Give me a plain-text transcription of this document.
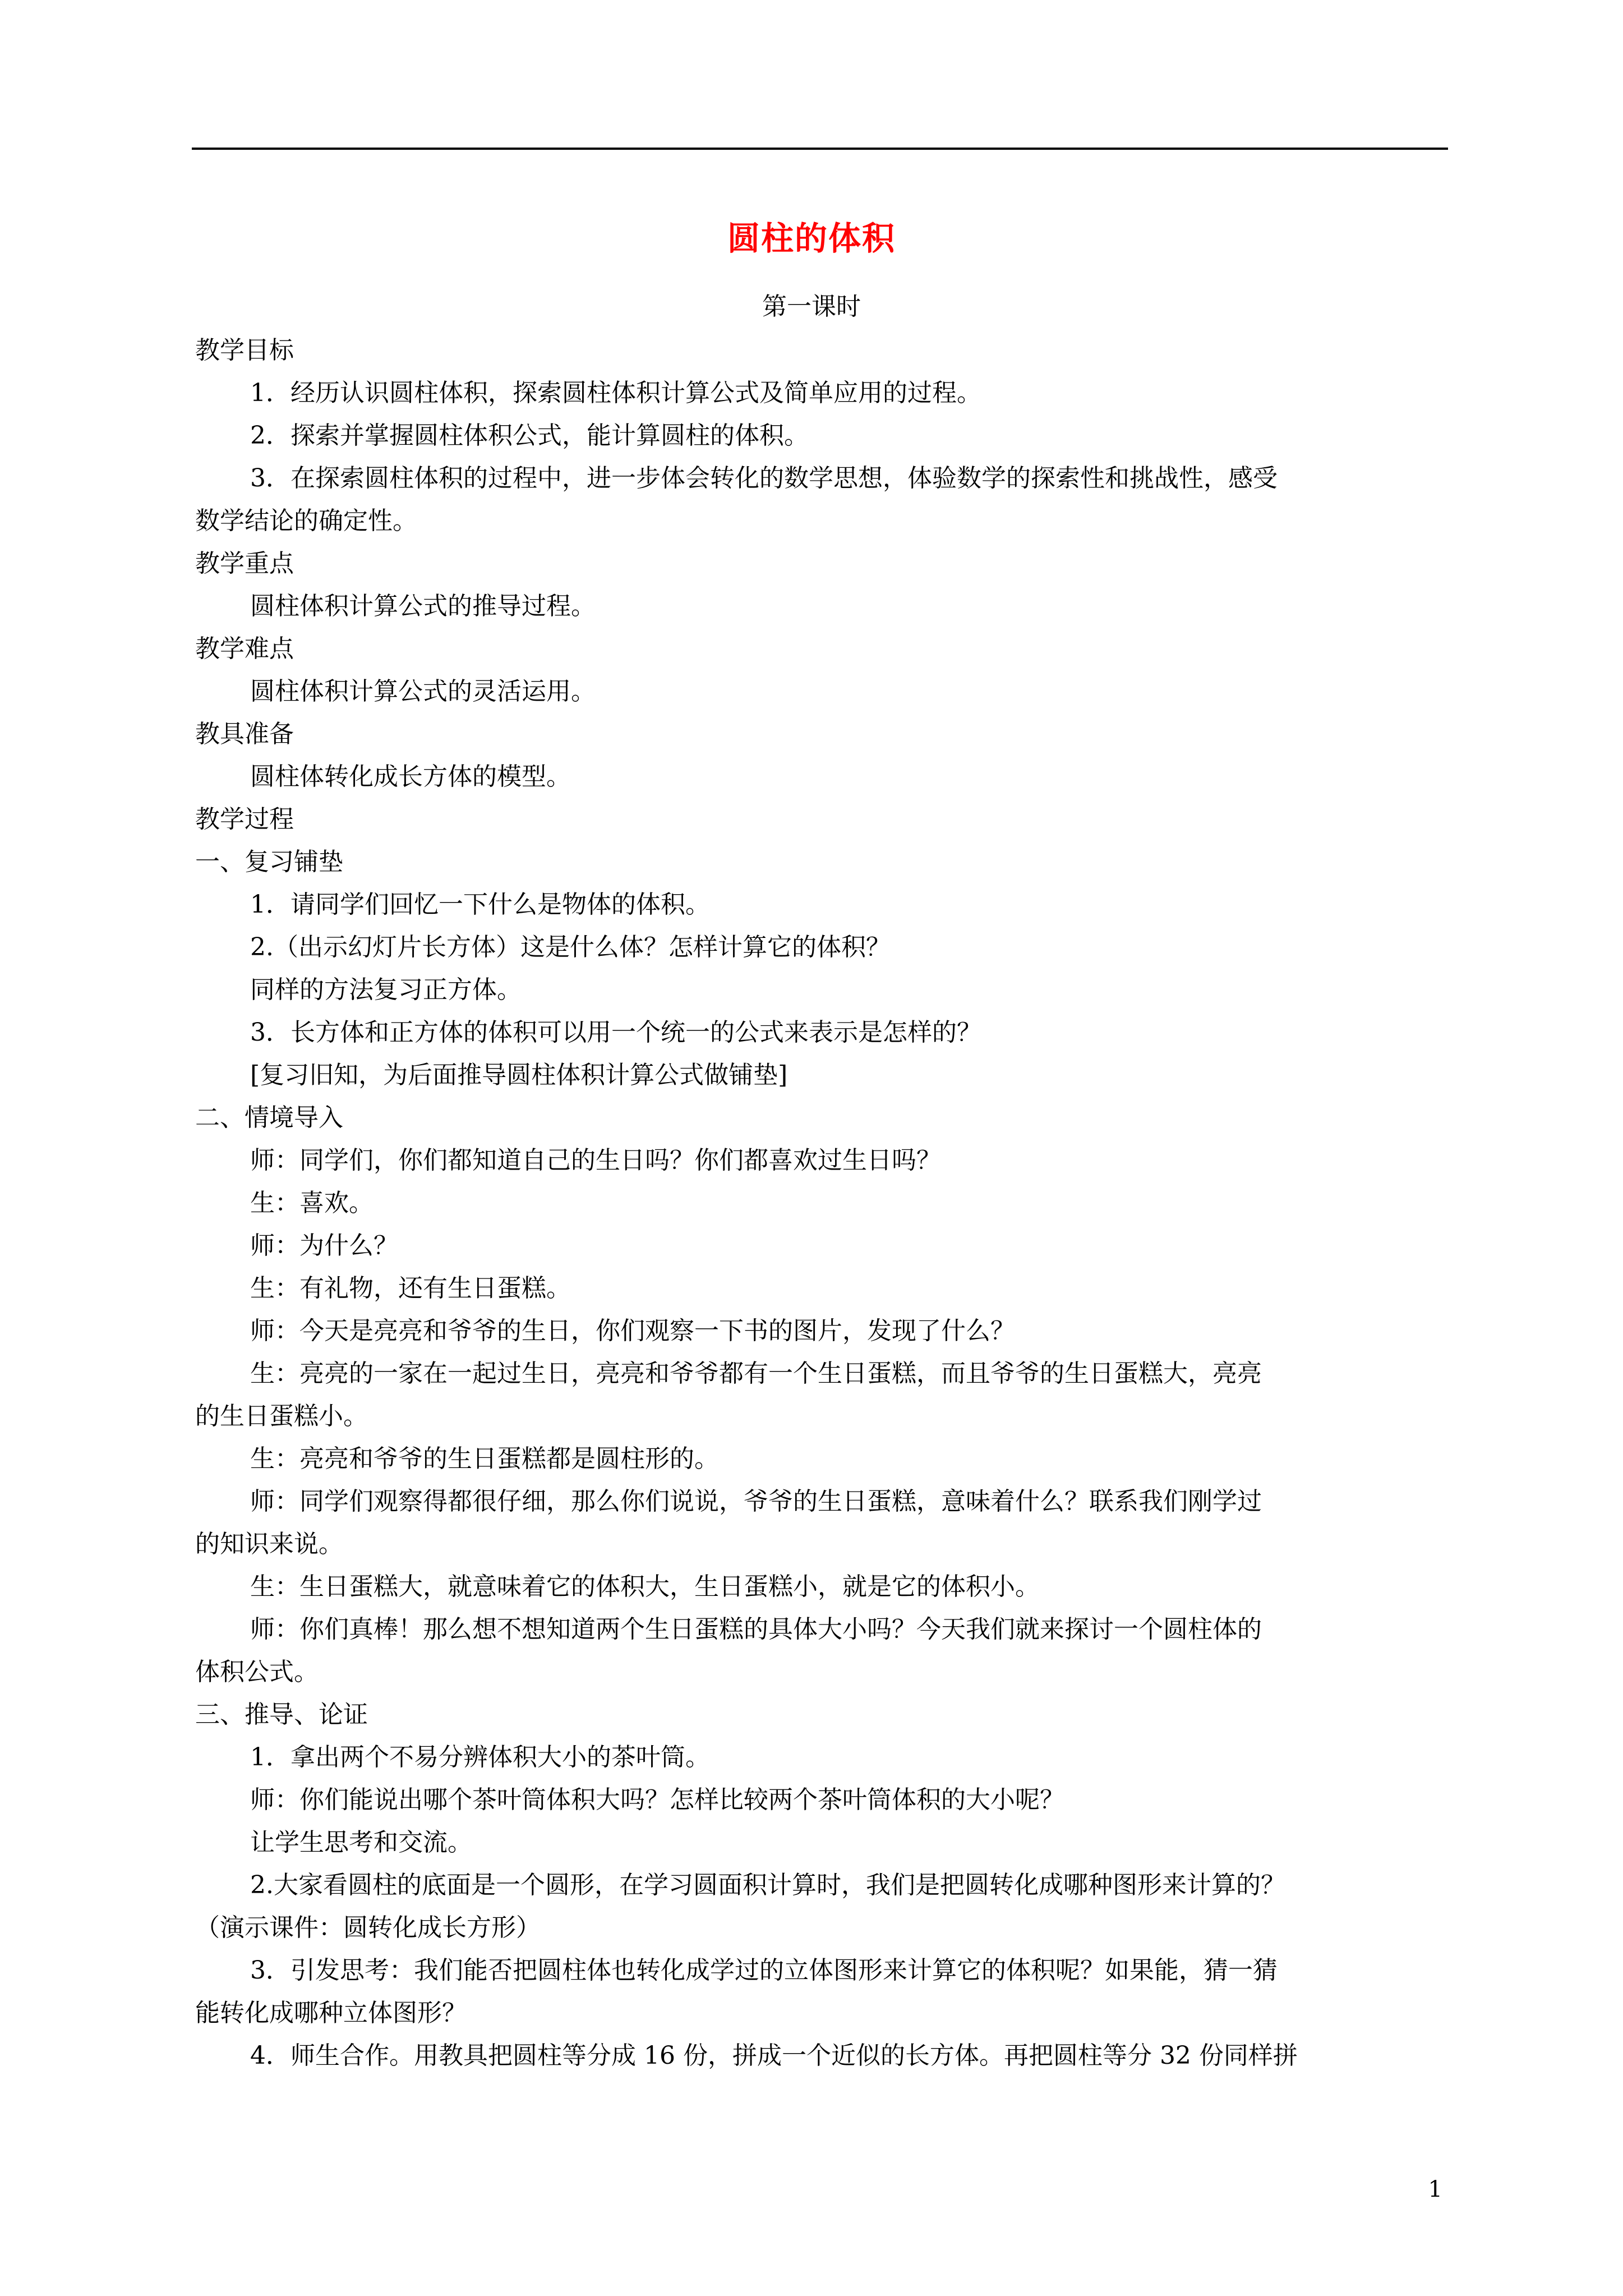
圆柱的体积
第一课时

教学目标

1．经历认识圆柱体积，探索圆柱体积计算公式及简单应用的过程。

2．探索并掌握圆柱体积公式，能计算圆柱的体积。

3．在探索圆柱体积的过程中，进一步体会转化的数学思想，体验数学的探索性和挑战性，感受

数学结论的确定性。

教学重点

圆柱体积计算公式的推导过程。

教学难点

圆柱体积计算公式的灵活运用。

教具准备

圆柱体转化成长方体的模型。

教学过程

一、复习铺垫

1．请同学们回忆一下什么是物体的体积。

2.（出示幻灯片长方体）这是什么体？怎样计算它的体积？

同样的方法复习正方体。

3．长方体和正方体的体积可以用一个统一的公式来表示是怎样的？

[复习旧知，为后面推导圆柱体积计算公式做铺垫]

二、情境导入

师：同学们，你们都知道自己的生日吗？你们都喜欢过生日吗？

生：喜欢。

师：为什么？

生：有礼物，还有生日蛋糕。

师：今天是亮亮和爷爷的生日，你们观察一下书的图片，发现了什么？

生：亮亮的一家在一起过生日，亮亮和爷爷都有一个生日蛋糕，而且爷爷的生日蛋糕大，亮亮

的生日蛋糕小。

生：亮亮和爷爷的生日蛋糕都是圆柱形的。

师：同学们观察得都很仔细，那么你们说说，爷爷的生日蛋糕，意味着什么？联系我们刚学过

的知识来说。

生：生日蛋糕大，就意味着它的体积大，生日蛋糕小，就是它的体积小。

师：你们真棒！那么想不想知道两个生日蛋糕的具体大小吗？今天我们就来探讨一个圆柱体的

体积公式。

三、推导、论证

1．拿出两个不易分辨体积大小的茶叶筒。

师：你们能说出哪个茶叶筒体积大吗？怎样比较两个茶叶筒体积的大小呢？

让学生思考和交流。

2.大家看圆柱的底面是一个圆形，在学习圆面积计算时，我们是把圆转化成哪种图形来计算的？

（演示课件：圆转化成长方形）

3．引发思考：我们能否把圆柱体也转化成学过的立体图形来计算它的体积呢？如果能，猜一猜

能转化成哪种立体图形？

4．师生合作。用教具把圆柱等分成 16 份，拼成一个近似的长方体。再把圆柱等分 32 份同样拼

1
